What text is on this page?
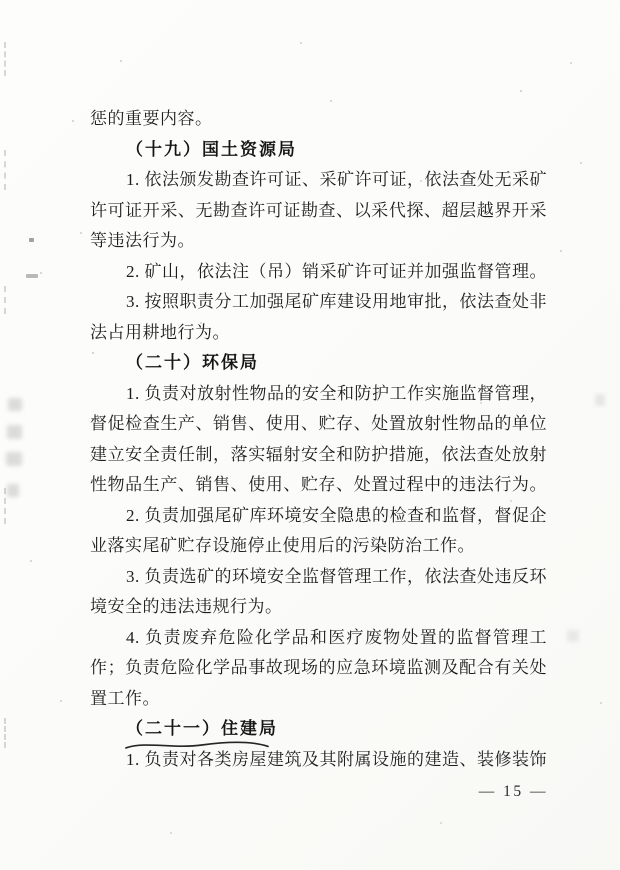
惩的重要内容。
（十九）国土资源局
1. 依法颁发勘查许可证、采矿许可证，依法查处无采矿
许可证开采、无勘查许可证勘查、以采代探、超层越界开采
等违法行为。
2. 矿山，依法注（吊）销采矿许可证并加强监督管理。
3. 按照职责分工加强尾矿库建设用地审批，依法查处非
法占用耕地行为。
（二十）环保局
1. 负责对放射性物品的安全和防护工作实施监督管理，
督促检查生产、销售、使用、贮存、处置放射性物品的单位
建立安全责任制，落实辐射安全和防护措施，依法查处放射
性物品生产、销售、使用、贮存、处置过程中的违法行为。
2. 负责加强尾矿库环境安全隐患的检查和监督，督促企
业落实尾矿贮存设施停止使用后的污染防治工作。
3. 负责选矿的环境安全监督管理工作，依法查处违反环
境安全的违法违规行为。
4. 负责废弃危险化学品和医疗废物处置的监督管理工
作；负责危险化学品事故现场的应急环境监测及配合有关处
置工作。
（二十一）住建局
1. 负责对各类房屋建筑及其附属设施的建造、装修装饰
— 15 —
